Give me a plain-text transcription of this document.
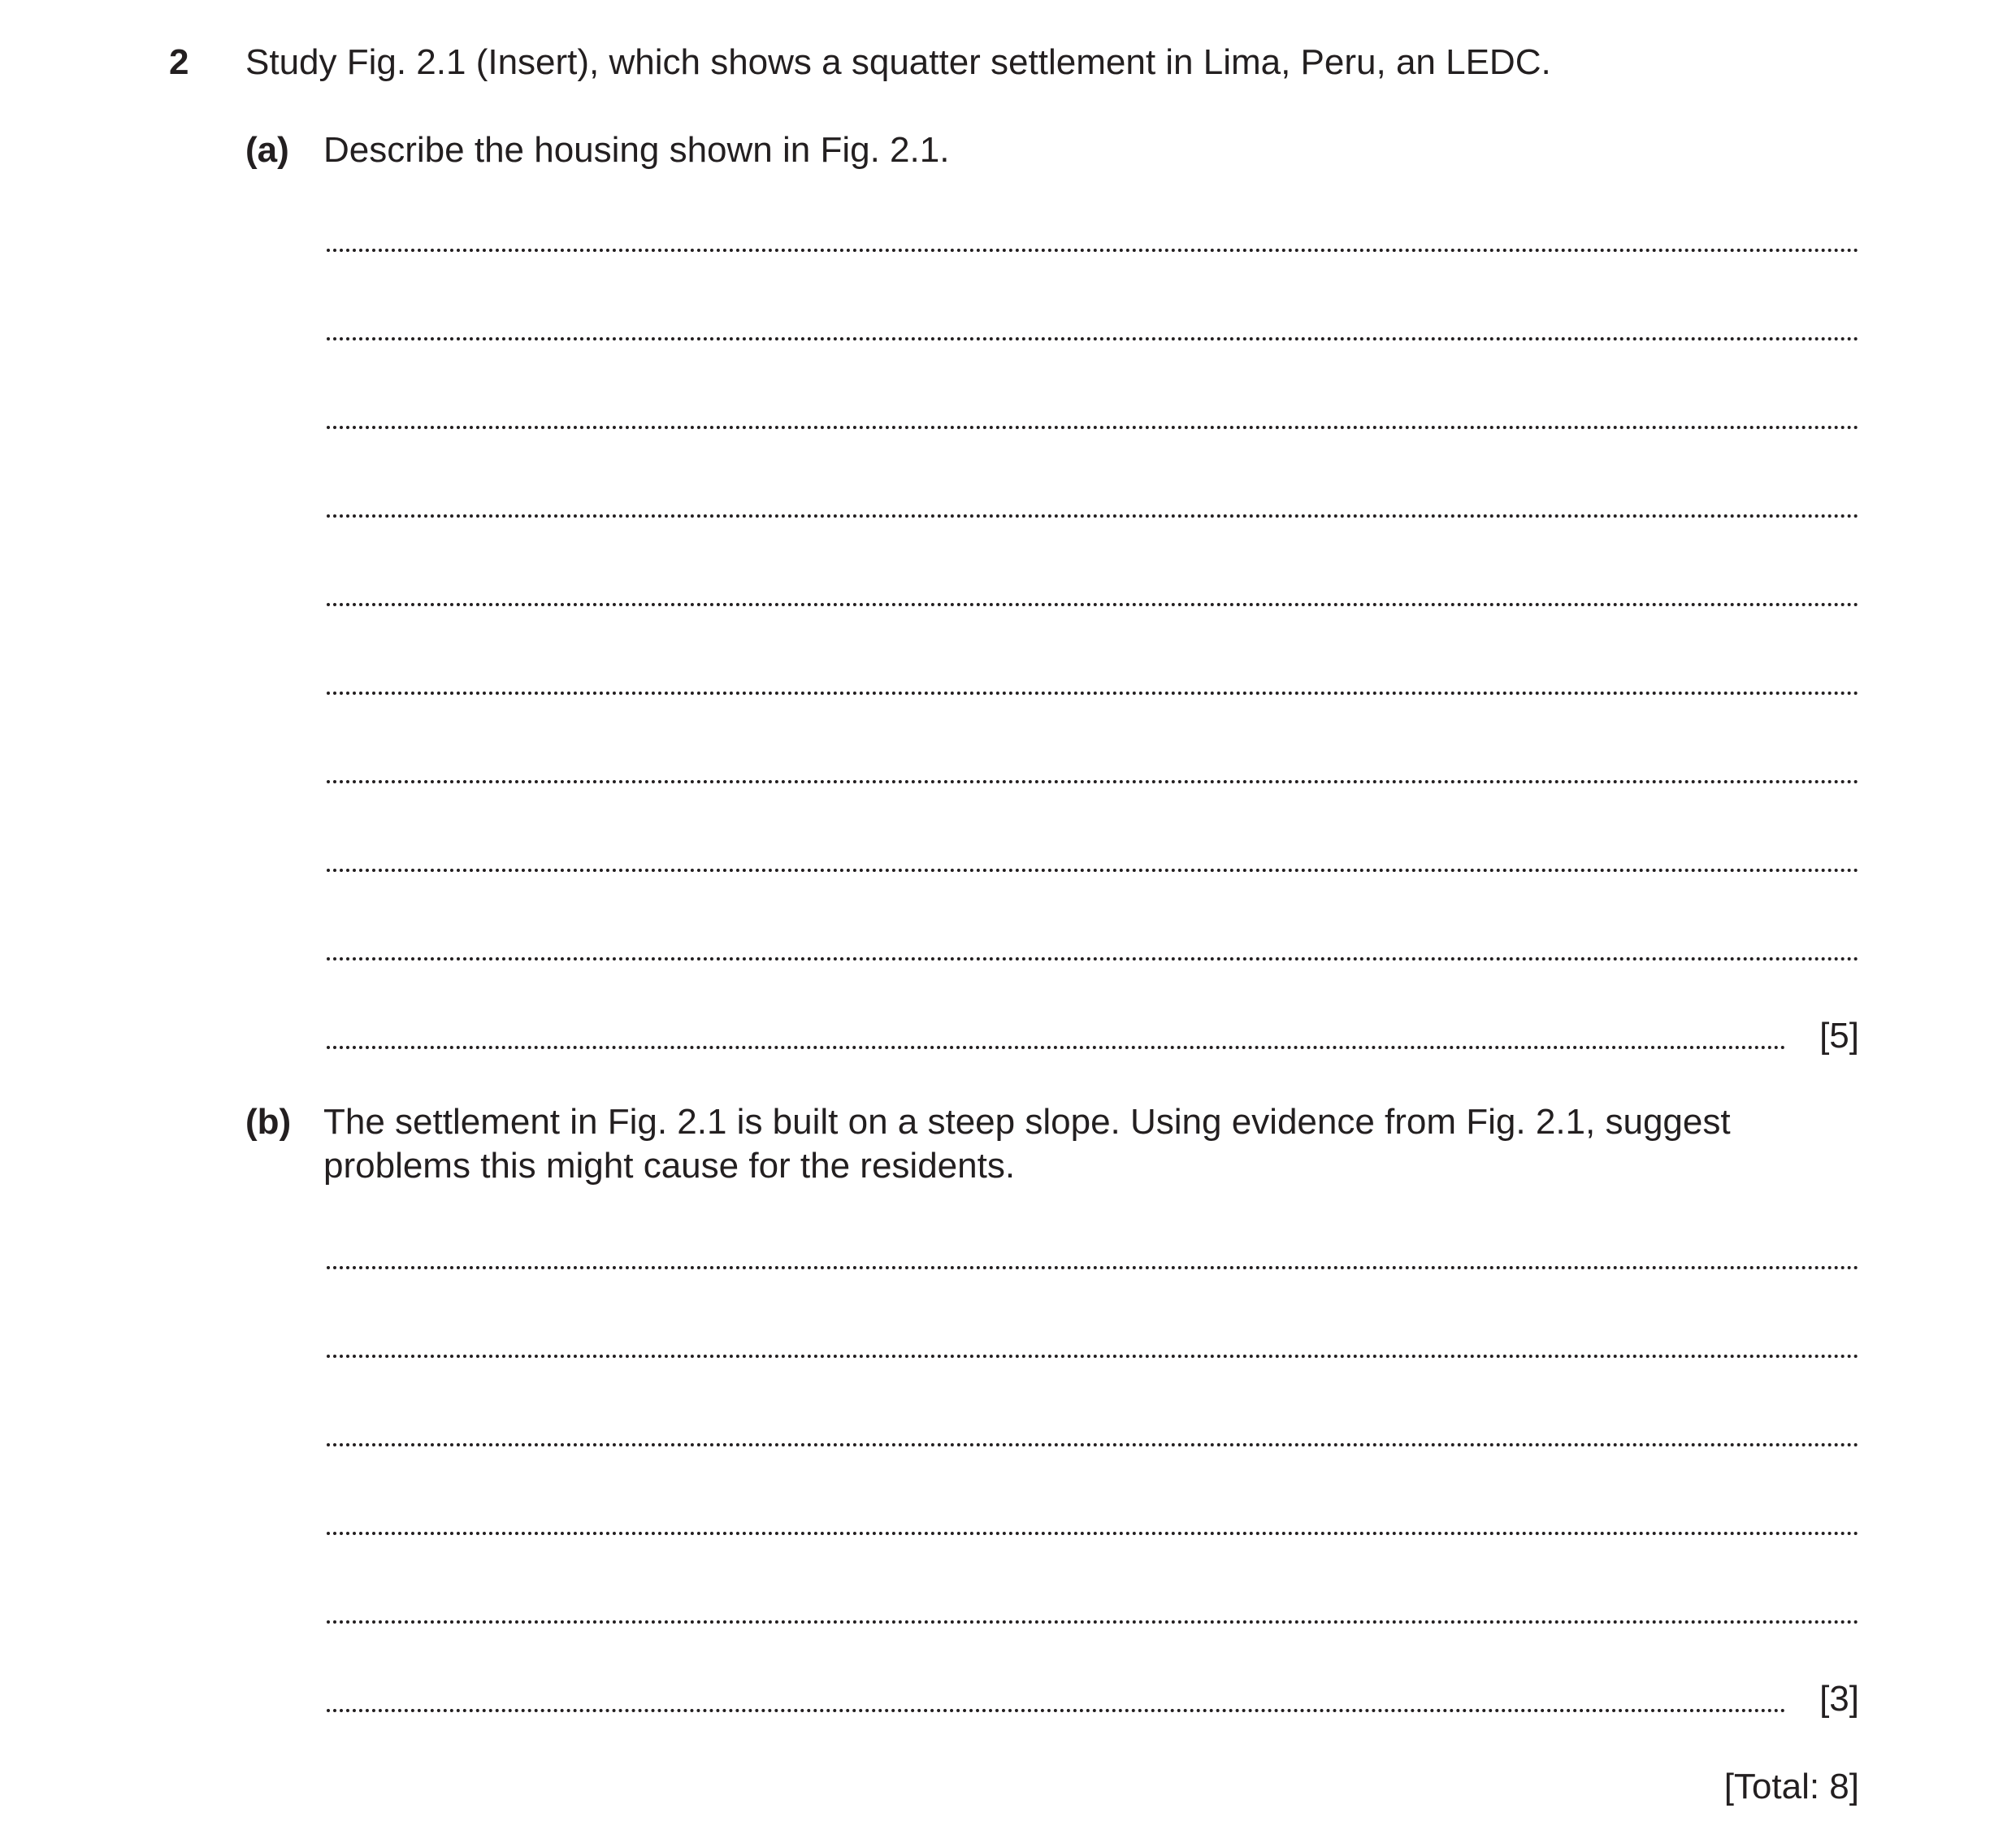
2 Study Fig. 2.1 (Insert), which shows a squatter settlement in Lima, Peru, an LEDC.
(a) Describe the housing shown in Fig. 2.1.
[5]
(b) The settlement in Fig. 2.1 is built on a steep slope. Using evidence from Fig. 2.1, suggest
problems this might cause for the residents.
[3]
[Total: 8]
